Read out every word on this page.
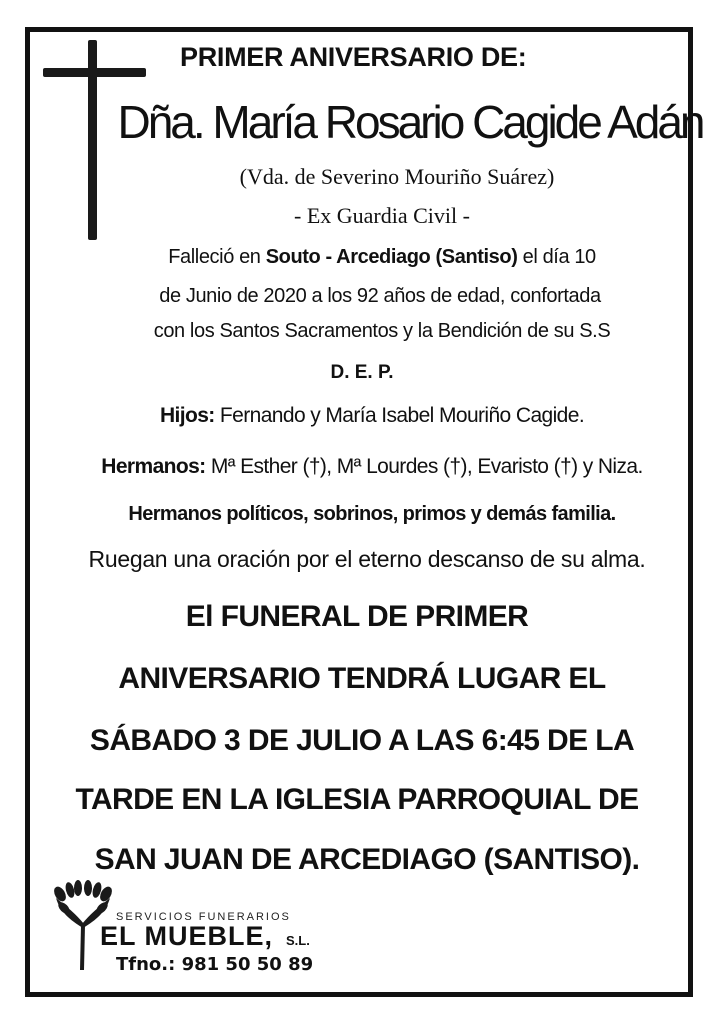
PRIMER ANIVERSARIO DE:
Dña. María Rosario Cagide Adán
(Vda. de Severino Mouriño Suárez)
- Ex Guardia Civil -
Falleció en Souto - Arcediago (Santiso) el día 10
de Junio de 2020 a los 92 años de edad, confortada
con los Santos Sacramentos y la Bendición de su S.S
D. E. P.
Hijos: Fernando y María Isabel Mouriño Cagide.
Hermanos: Mª Esther (†), Mª Lourdes (†), Evaristo (†) y Niza.
Hermanos políticos, sobrinos, primos y demás familia.
Ruegan una oración por el eterno descanso de su alma.
El FUNERAL DE PRIMER
ANIVERSARIO TENDRÁ LUGAR EL
SÁBADO 3 DE JULIO A LAS 6:45 DE LA
TARDE EN LA IGLESIA PARROQUIAL DE
SAN JUAN DE ARCEDIAGO (SANTISO).
SERVICIOS FUNERARIOS
EL MUEBLE, S.L.
Tfno.: 981 50 50 89
